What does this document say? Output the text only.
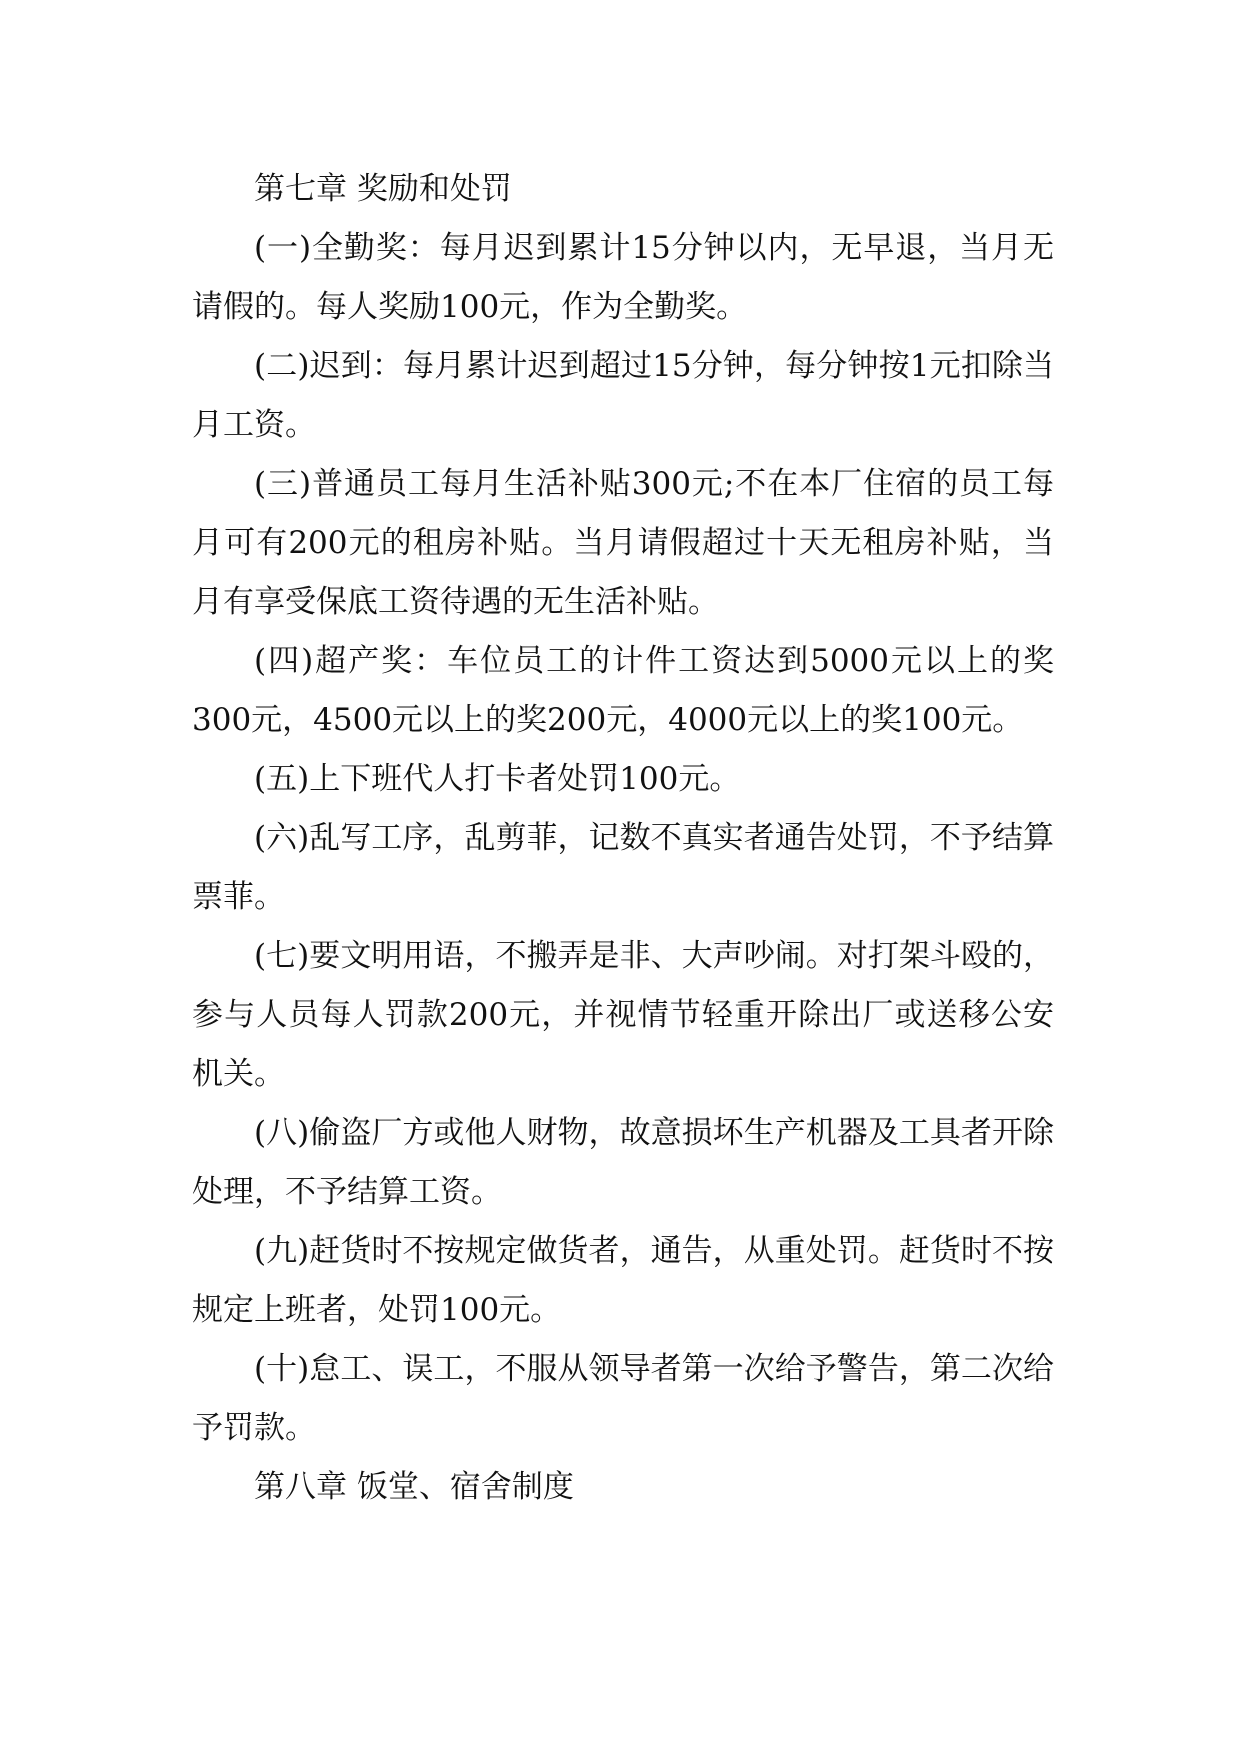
第七章 奖励和处罚

(一)全勤奖：每月迟到累计15分钟以内，无早退，当月无请假的。每人奖励100元，作为全勤奖。

(二)迟到：每月累计迟到超过15分钟，每分钟按1元扣除当月工资。

(三)普通员工每月生活补贴300元;不在本厂住宿的员工每月可有200元的租房补贴。当月请假超过十天无租房补贴，当月有享受保底工资待遇的无生活补贴。

(四)超产奖：车位员工的计件工资达到5000元以上的奖300元，4500元以上的奖200元，4000元以上的奖100元。

(五)上下班代人打卡者处罚100元。

(六)乱写工序，乱剪菲，记数不真实者通告处罚，不予结算票菲。

(七)要文明用语，不搬弄是非、大声吵闹。对打架斗殴的，参与人员每人罚款200元，并视情节轻重开除出厂或送移公安机关。

(八)偷盗厂方或他人财物，故意损坏生产机器及工具者开除处理，不予结算工资。

(九)赶货时不按规定做货者，通告，从重处罚。赶货时不按规定上班者，处罚100元。

(十)怠工、误工，不服从领导者第一次给予警告，第二次给予罚款。

第八章 饭堂、宿舍制度
